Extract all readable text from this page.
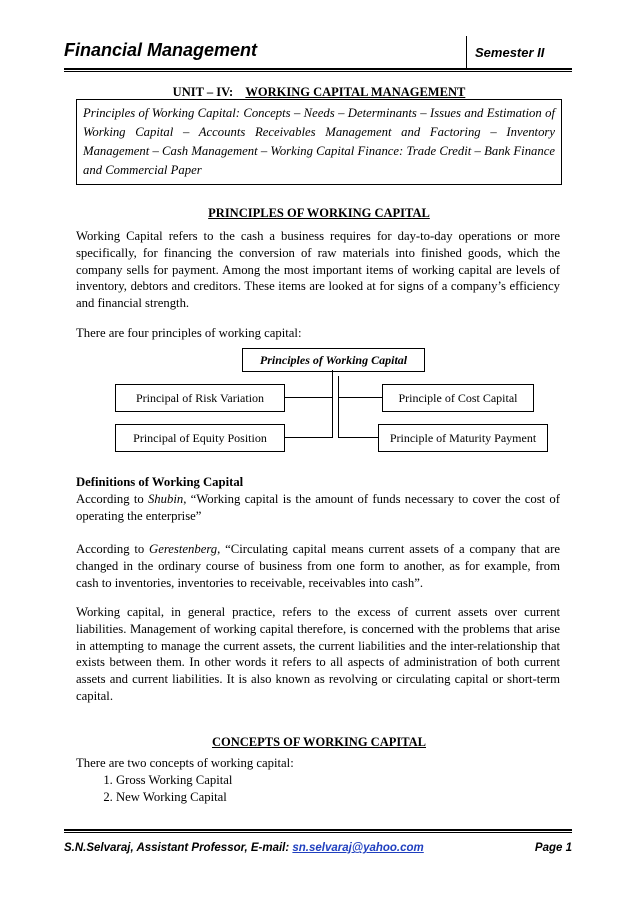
Financial Management	Semester II
UNIT – IV: WORKING CAPITAL MANAGEMENT
Principles of Working Capital: Concepts – Needs – Determinants – Issues and Estimation of Working Capital – Accounts Receivables Management and Factoring – Inventory Management – Cash Management – Working Capital Finance: Trade Credit – Bank Finance and Commercial Paper
PRINCIPLES OF WORKING CAPITAL
Working Capital refers to the cash a business requires for day-to-day operations or more specifically, for financing the conversion of raw materials into finished goods, which the company sells for payment. Among the most important items of working capital are levels of inventory, debtors and creditors. These items are looked at for signs of a company’s efficiency and financial strength.
There are four principles of working capital:
Principles of Working Capital
Principal of Risk Variation	Principle of Cost Capital
Principal of Equity Position	Principle of Maturity Payment
Definitions of Working Capital
According to Shubin, “Working capital is the amount of funds necessary to cover the cost of operating the enterprise”
According to Gerestenberg, “Circulating capital means current assets of a company that are changed in the ordinary course of business from one form to another, as for example, from cash to inventories, inventories to receivable, receivables into cash”.
Working capital, in general practice, refers to the excess of current assets over current liabilities. Management of working capital therefore, is concerned with the problems that arise in attempting to manage the current assets, the current liabilities and the inter-relationship that exists between them. In other words it refers to all aspects of administration of both current assets and current liabilities. It is also known as revolving or circulating capital or short-term capital.
CONCEPTS OF WORKING CAPITAL
There are two concepts of working capital:
1. Gross Working Capital
2. New Working Capital
S.N.Selvaraj, Assistant Professor, E-mail: sn.selvaraj@yahoo.com	Page 1
